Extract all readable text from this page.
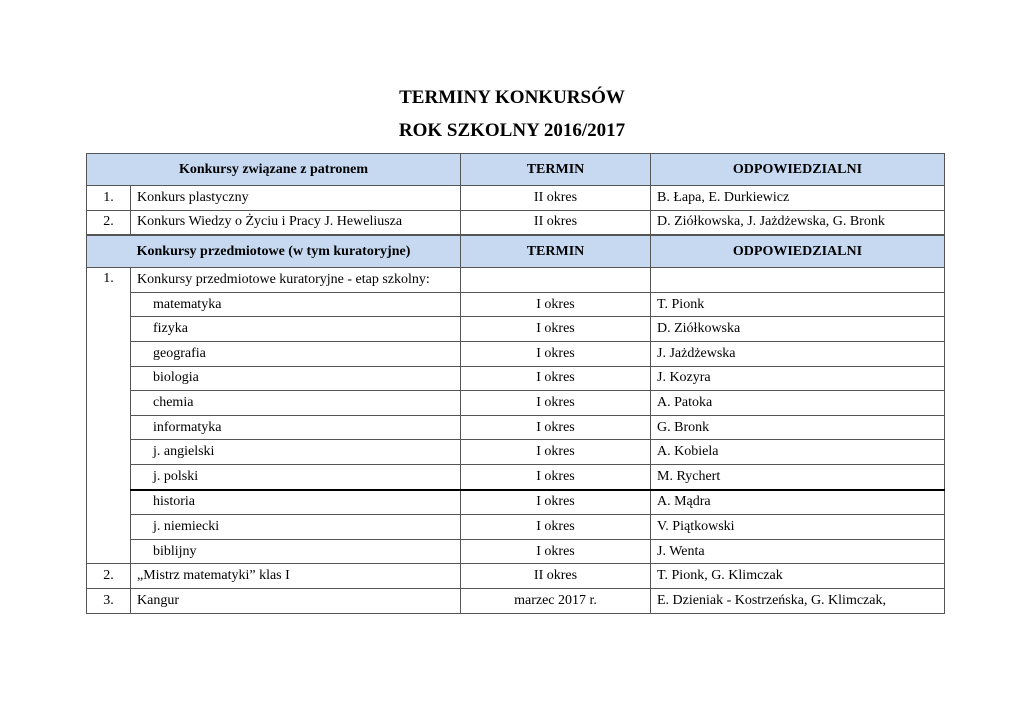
TERMINY KONKURSÓW
ROK SZKOLNY 2016/2017
Konkursy związane z patronem		TERMIN	ODPOWIEDZIALNI
1.	Konkurs plastyczny	II okres	B. Łapa, E. Durkiewicz
2.	Konkurs Wiedzy o Życiu i Pracy J. Heweliusza	II okres	D. Ziółkowska, J. Jażdżewska, G. Bronk
Konkursy przedmiotowe (w tym kuratoryjne)		TERMIN	ODPOWIEDZIALNI
1.	Konkursy przedmiotowe kuratoryjne - etap szkolny:		
	matematyka	I okres	T. Pionk
	fizyka	I okres	D. Ziółkowska
	geografia	I okres	J. Jażdżewska
	biologia	I okres	J. Kozyra
	chemia	I okres	A. Patoka
	informatyka	I okres	G. Bronk
	j. angielski	I okres	A. Kobiela
	j. polski	I okres	M. Rychert
	historia	I okres	A. Mądra
	j. niemiecki	I okres	V. Piątkowski
	biblijny	I okres	J. Wenta
2.	„Mistrz matematyki” klas I	II okres	T. Pionk, G. Klimczak
3.	Kangur	marzec 2017 r.	E. Dzieniak - Kostrzeńska, G. Klimczak,
